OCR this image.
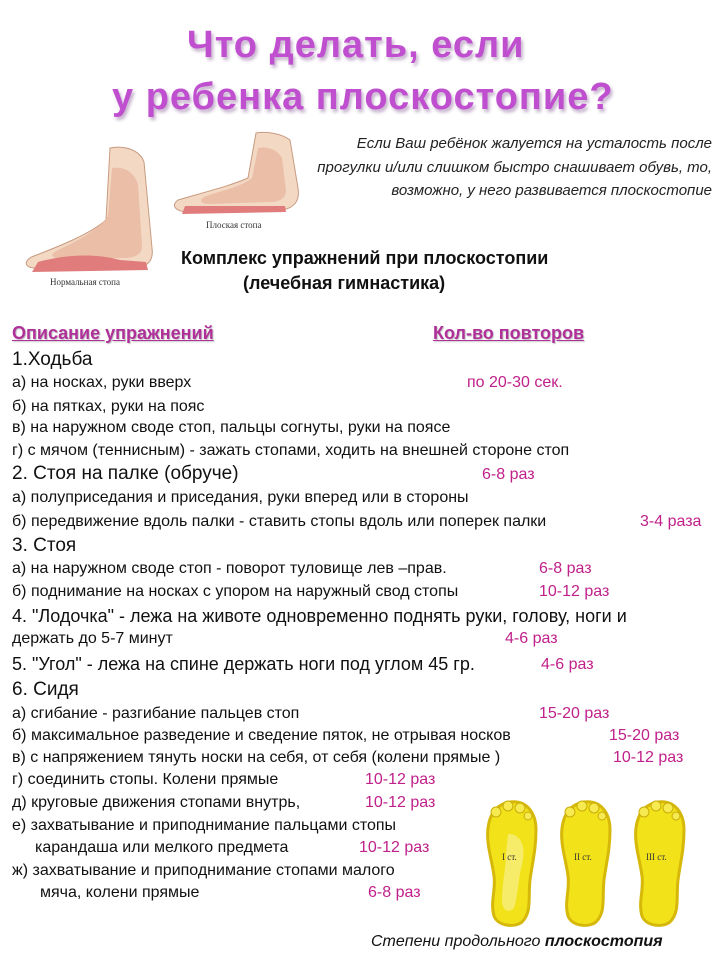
Что делать, если
у ребенка плоскостопие?
Плоская стопа
Нормальная стопа
Если Ваш ребёнок жалуется на усталость после прогулки и/или слишком быстро снашивает обувь, то, возможно, у него развивается плоскостопие
Комплекс упражнений при плоскостопии
(лечебная гимнастика)
Описание упражнений	Кол-во повторов
1.Ходьба
а) на носках, руки вверх	по 20-30 сек.
б) на пятках, руки на пояс
в) на наружном своде стоп, пальцы согнуты, руки на поясе
г) с мячом (теннисным) - зажать стопами, ходить на внешней стороне стоп
2. Стоя на палке (обруче)	6-8 раз
а) полуприседания и приседания, руки вперед или в стороны
б) передвижение вдоль палки - ставить стопы вдоль или поперек палки	3-4 раза
3. Стоя
а) на наружном своде стоп - поворот туловище лев –прав.	6-8 раз
б) поднимание на носках с упором на наружный свод стопы	10-12 раз
4. "Лодочка" - лежа на животе одновременно поднять руки, голову, ноги и
держать до 5-7 минут	4-6 раз
5. "Угол" - лежа на спине держать ноги под углом 45 гр.	4-6 раз
6. Сидя
а) сгибание - разгибание пальцев стоп	15-20 раз
б) максимальное разведение и сведение пяток, не отрывая носков	15-20 раз
в) с напряжением тянуть носки на себя, от себя (колени прямые )	10-12 раз
г) соединить стопы. Колени прямые	10-12 раз
д) круговые движения стопами внутрь,	10-12 раз
е) захватывание и приподнимание пальцами стопы
карандаша или мелкого предмета	10-12 раз
ж) захватывание и приподнимание стопами малого
мяча, колени прямые	6-8 раз
I ст.	II ст.	III ст.
Степени продольного плоскостопия
